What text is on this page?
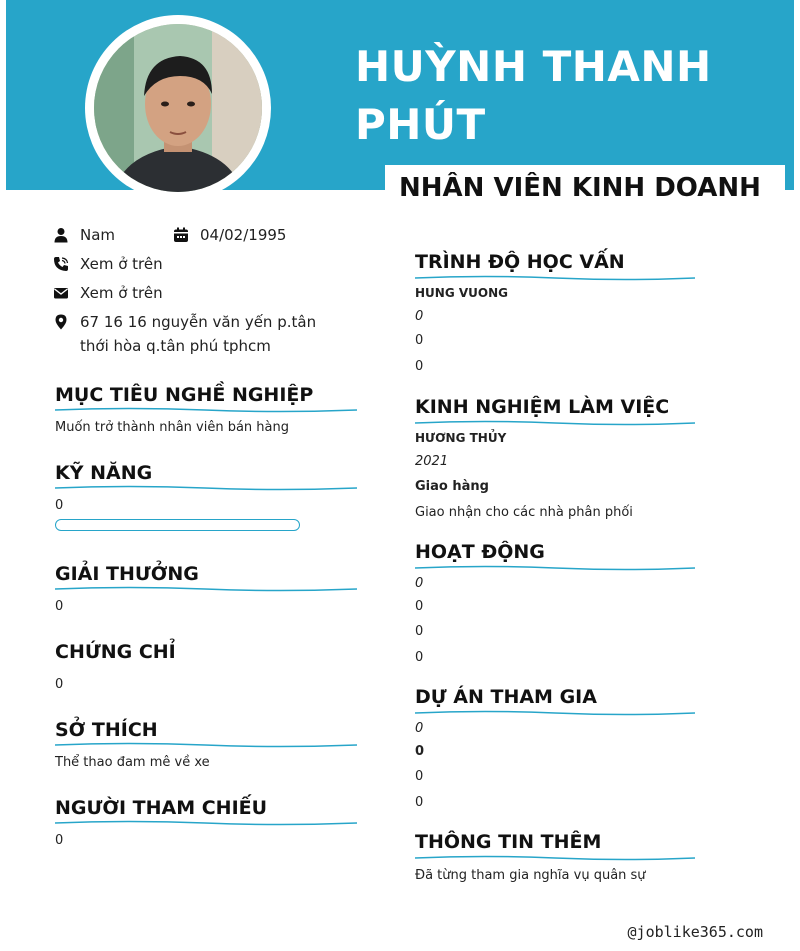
HUỲNH THANH PHÚT
NHÂN VIÊN KINH DOANH
Nam	04/02/1995
Xem ở trên
Xem ở trên
67 16 16 nguyễn văn yến p.tân thới hòa q.tân phú tphcm
MỤC TIÊU NGHỀ NGHIỆP
Muốn trở thành nhân viên bán hàng
KỸ NĂNG
0
GIẢI THƯỞNG
0
CHỨNG CHỈ
0
SỞ THÍCH
Thể thao đam mê về xe
NGƯỜI THAM CHIẾU
0
TRÌNH ĐỘ HỌC VẤN
HUNG VUONG
0
0
0
KINH NGHIỆM LÀM VIỆC
HƯƠNG THỦY
2021
Giao hàng
Giao nhận cho các nhà phân phối
HOẠT ĐỘNG
0
0
0
0
DỰ ÁN THAM GIA
0
0
0
0
THÔNG TIN THÊM
Đã từng tham gia nghĩa vụ quân sự
@joblike365.com
